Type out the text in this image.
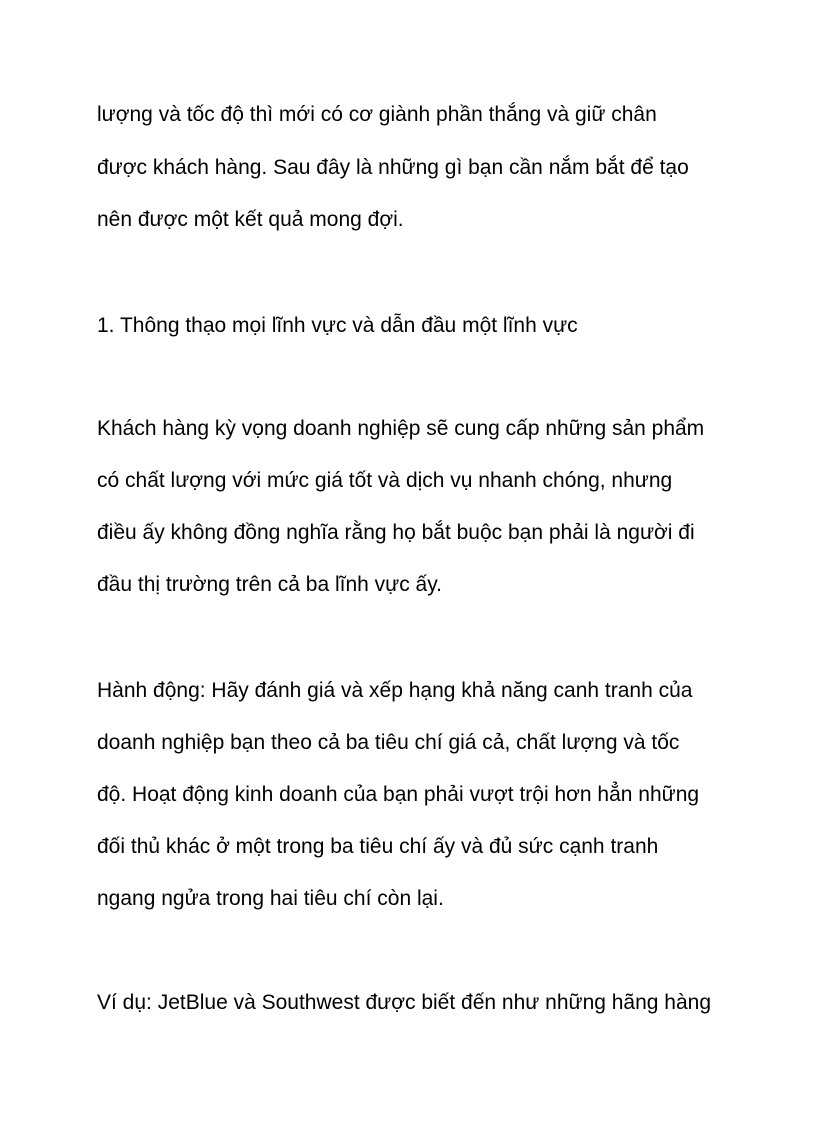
lượng và tốc độ thì mới có cơ giành phần thắng và giữ chân

được khách hàng. Sau đây là những gì bạn cần nắm bắt để tạo

nên được một kết quả mong đợi.

1. Thông thạo mọi lĩnh vực và dẫn đầu một lĩnh vực

Khách hàng kỳ vọng doanh nghiệp sẽ cung cấp những sản phẩm

có chất lượng với mức giá tốt và dịch vụ nhanh chóng, nhưng

điều ấy không đồng nghĩa rằng họ bắt buộc bạn phải là người đi

đầu thị trường trên cả ba lĩnh vực ấy.

Hành động: Hãy đánh giá và xếp hạng khả năng canh tranh của

doanh nghiệp bạn theo cả ba tiêu chí giá cả, chất lượng và tốc

độ. Hoạt động kinh doanh của bạn phải vượt trội hơn hẳn những

đối thủ khác ở một trong ba tiêu chí ấy và đủ sức cạnh tranh

ngang ngửa trong hai tiêu chí còn lại.

Ví dụ: JetBlue và Southwest được biết đến như những hãng hàng
